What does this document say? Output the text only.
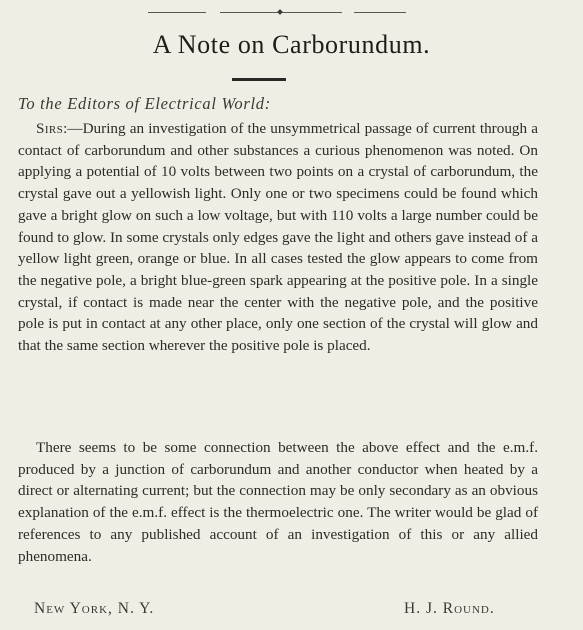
A Note on Carborundum.
To the Editors of Electrical World:
Sirs:—During an investigation of the unsymmetrical passage of current through a contact of carborundum and other substances a curious phenomenon was noted. On applying a potential of 10 volts between two points on a crystal of carborundum, the crystal gave out a yellowish light. Only one or two specimens could be found which gave a bright glow on such a low voltage, but with 110 volts a large number could be found to glow. In some crystals only edges gave the light and others gave instead of a yellow light green, orange or blue. In all cases tested the glow appears to come from the negative pole, a bright blue-green spark appearing at the positive pole. In a single crystal, if contact is made near the center with the negative pole, and the positive pole is put in contact at any other place, only one section of the crystal will glow and that the same section wherever the positive pole is placed.
There seems to be some connection between the above effect and the e.m.f. produced by a junction of carborundum and another conductor when heated by a direct or alternating current; but the connection may be only secondary as an obvious explanation of the e.m.f. effect is the thermoelectric one. The writer would be glad of references to any published account of an investigation of this or any allied phenomena.
New York, N. Y.	H. J. Round.
